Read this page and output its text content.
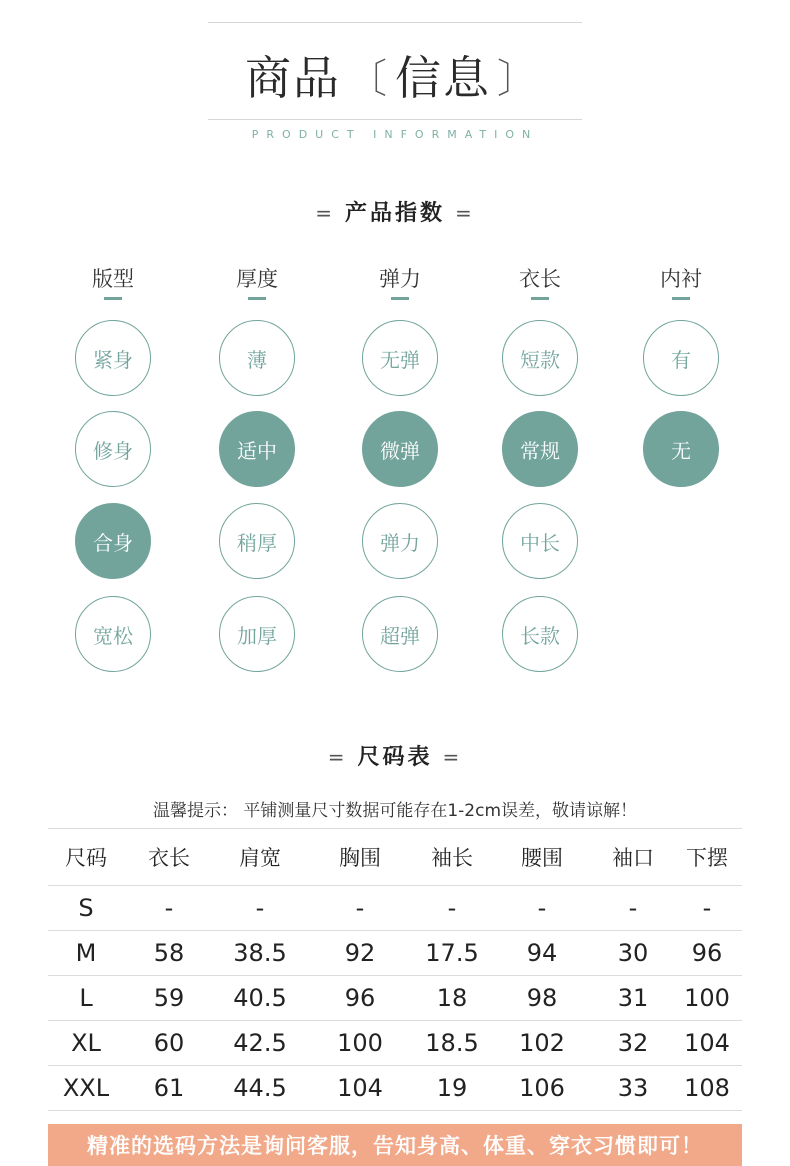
商品 〔 信息 〕
PRODUCT INFORMATION
= 产品指数 =
版型
紧身
修身
合身
宽松
厚度
薄
适中
稍厚
加厚
弹力
无弹
微弹
弹力
超弹
衣长
短款
常规
中长
长款
内衬
有
无
= 尺码表 =
温馨提示： 平铺测量尺寸数据可能存在1-2cm误差，敬请谅解！
尺码	衣长	肩宽	胸围	袖长	腰围	袖口	下摆
S	-	-	-	-	-	-	-
M	58	38.5	92	17.5	94	30	96
L	59	40.5	96	18	98	31	100
XL	60	42.5	100	18.5	102	32	104
XXL	61	44.5	104	19	106	33	108
精准的选码方法是询问客服，告知身高、体重、穿衣习惯即可！
